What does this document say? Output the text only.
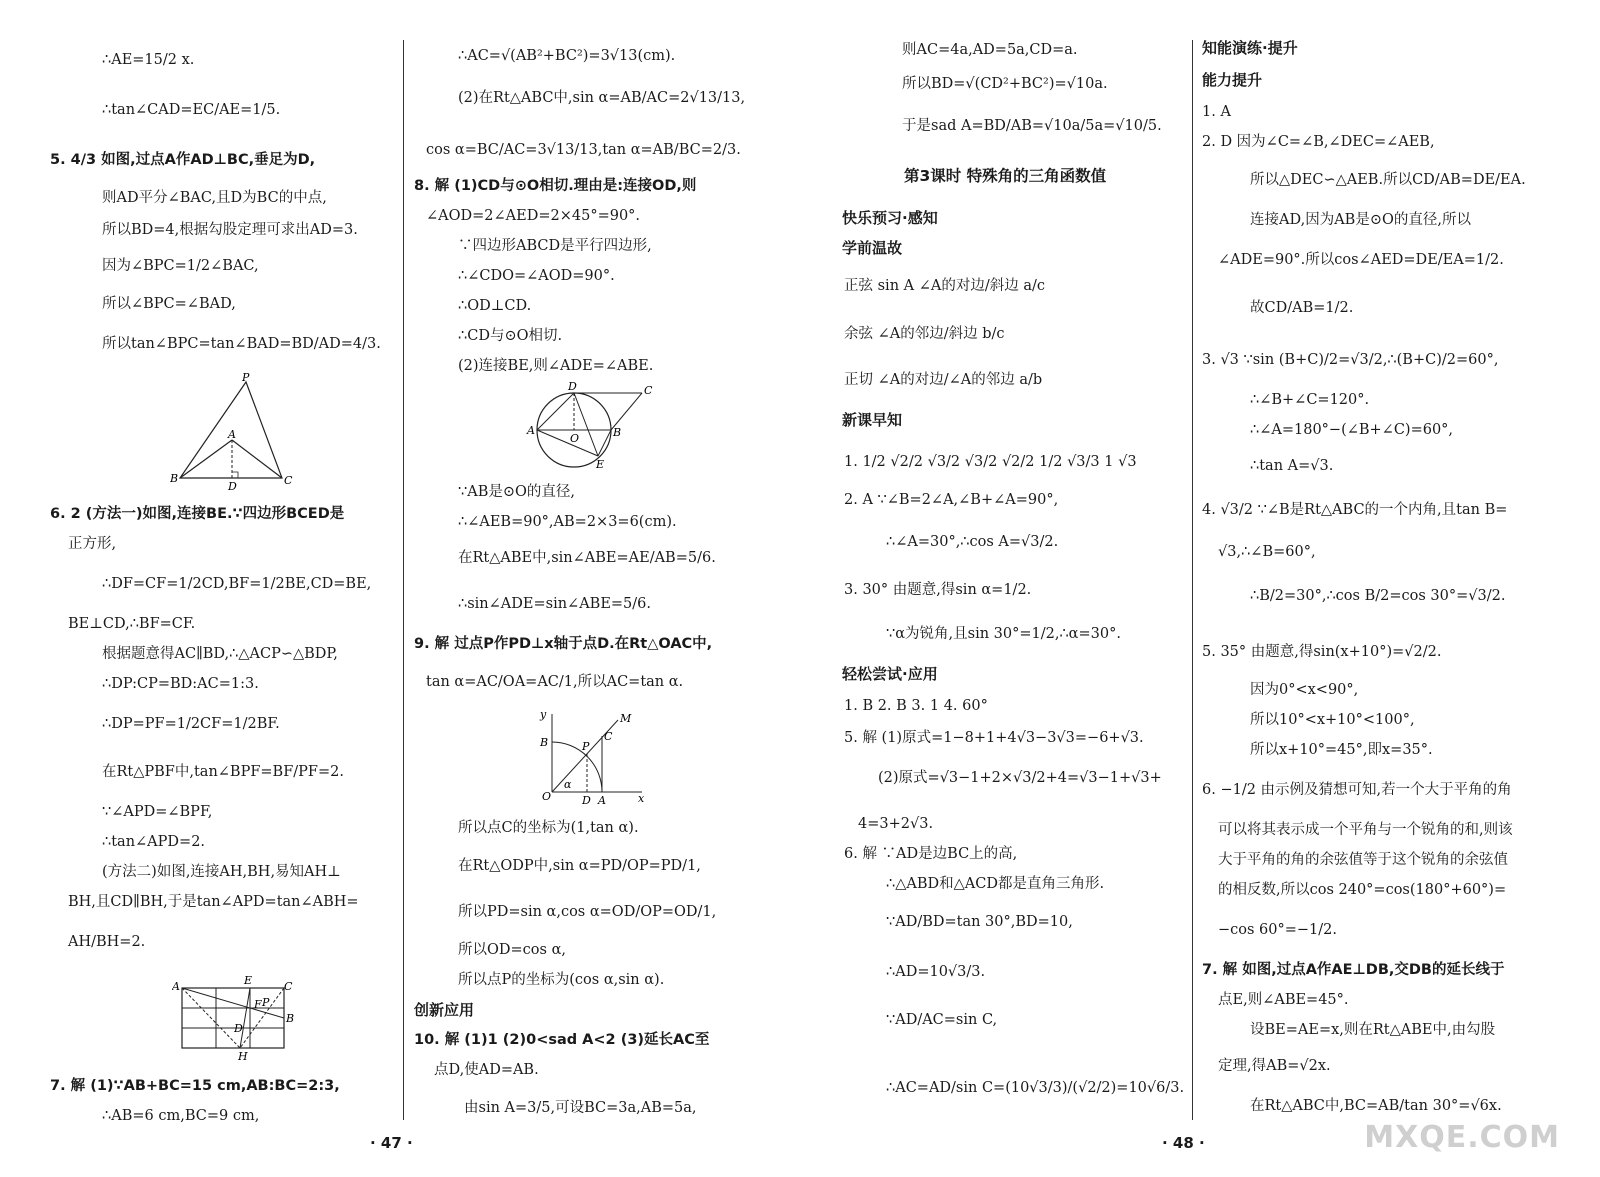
∴AE=15/2 x.
∴tan∠CAD=EC/AE=1/5.
5. 4/3 如图,过点A作AD⊥BC,垂足为D,
则AD平分∠BAC,且D为BC的中点,
所以BD=4,根据勾股定理可求出AD=3.
因为∠BPC=1/2∠BAC,
所以∠BPC=∠BAD,
所以tan∠BPC=tan∠BAD=BD/AD=4/3.
6. 2 (方法一)如图,连接BE.∵四边形BCED是
正方形,
∴DF=CF=1/2CD,BF=1/2BE,CD=BE,
BE⊥CD,∴BF=CF.
根据题意得AC∥BD,∴△ACP∽△BDP,
∴DP:CP=BD:AC=1:3.
∴DP=PF=1/2CF=1/2BF.
在Rt△PBF中,tan∠BPF=BF/PF=2.
∵∠APD=∠BPF,
∴tan∠APD=2.
(方法二)如图,连接AH,BH,易知AH⊥
BH,且CD∥BH,于是tan∠APD=tan∠ABH=
AH/BH=2.
7. 解 (1)∵AB+BC=15 cm,AB:BC=2:3,
∴AB=6 cm,BC=9 cm,
P
B	C
A
D
A	E	C
B
F
D
P
H
∴AC=√(AB²+BC²)=3√13(cm).
(2)在Rt△ABC中,sin α=AB/AC=2√13/13,
cos α=BC/AC=3√13/13,tan α=AB/BC=2/3.
8. 解 (1)CD与⊙O相切.理由是:连接OD,则
∠AOD=2∠AED=2×45°=90°.
∵四边形ABCD是平行四边形,
∴∠CDO=∠AOD=90°.
∴OD⊥CD.
∴CD与⊙O相切.
(2)连接BE,则∠ADE=∠ABE.
∵AB是⊙O的直径,
∴∠AEB=90°,AB=2×3=6(cm).
在Rt△ABE中,sin∠ABE=AE/AB=5/6.
∴sin∠ADE=sin∠ABE=5/6.
9. 解 过点P作PD⊥x轴于点D.在Rt△OAC中,
tan α=AC/OA=AC/1,所以AC=tan α.
所以点C的坐标为(1,tan α).
在Rt△ODP中,sin α=PD/OP=PD/1,
所以PD=sin α,cos α=OD/OP=OD/1,
所以OD=cos α,
所以点P的坐标为(cos α,sin α).
创新应用
10. 解 (1)1 (2)0<sad A<2 (3)延长AC至
点D,使AD=AB.
由sin A=3/5,可设BC=3a,AB=5a,
D	C
A
O	B
E
y
B
O	x
M
C
P
D A
α
则AC=4a,AD=5a,CD=a.
所以BD=√(CD²+BC²)=√10a.
于是sad A=BD/AB=√10a/5a=√10/5.
第3课时 特殊角的三角函数值
快乐预习·感知
学前温故
正弦 sin A ∠A的对边/斜边 a/c
余弦 ∠A的邻边/斜边 b/c
正切 ∠A的对边/∠A的邻边 a/b
新课早知
1. 1/2 √2/2 √3/2 √3/2 √2/2 1/2 √3/3 1 √3
2. A ∵∠B=2∠A,∠B+∠A=90°,
∴∠A=30°,∴cos A=√3/2.
3. 30° 由题意,得sin α=1/2.
∵α为锐角,且sin 30°=1/2,∴α=30°.
轻松尝试·应用
1. B 2. B 3. 1 4. 60°
5. 解 (1)原式=1−8+1+4√3−3√3=−6+√3.
(2)原式=√3−1+2×√3/2+4=√3−1+√3+
4=3+2√3.
6. 解 ∵AD是边BC上的高,
∴△ABD和△ACD都是直角三角形.
∵AD/BD=tan 30°,BD=10,
∴AD=10√3/3.
∵AD/AC=sin C,
∴AC=AD/sin C=(10√3/3)/(√2/2)=10√6/3.
知能演练·提升
能力提升
1. A
2. D 因为∠C=∠B,∠DEC=∠AEB,
所以△DEC∽△AEB.所以CD/AB=DE/EA.
连接AD,因为AB是⊙O的直径,所以
∠ADE=90°.所以cos∠AED=DE/EA=1/2.
故CD/AB=1/2.
3. √3 ∵sin (B+C)/2=√3/2,∴(B+C)/2=60°,
∴∠B+∠C=120°.
∴∠A=180°−(∠B+∠C)=60°,
∴tan A=√3.
4. √3/2 ∵∠B是Rt△ABC的一个内角,且tan B=
√3,∴∠B=60°,
∴B/2=30°,∴cos B/2=cos 30°=√3/2.
5. 35° 由题意,得sin(x+10°)=√2/2.
因为0°<x<90°,
所以10°<x+10°<100°,
所以x+10°=45°,即x=35°.
6. −1/2 由示例及猜想可知,若一个大于平角的角
可以将其表示成一个平角与一个锐角的和,则该
大于平角的角的余弦值等于这个锐角的余弦值
的相反数,所以cos 240°=cos(180°+60°)=
−cos 60°=−1/2.
7. 解 如图,过点A作AE⊥DB,交DB的延长线于
点E,则∠ABE=45°.
设BE=AE=x,则在Rt△ABE中,由勾股
定理,得AB=√2x.
在Rt△ABC中,BC=AB/tan 30°=√6x.
· 47 ·	· 48 ·	MXQE.COM
